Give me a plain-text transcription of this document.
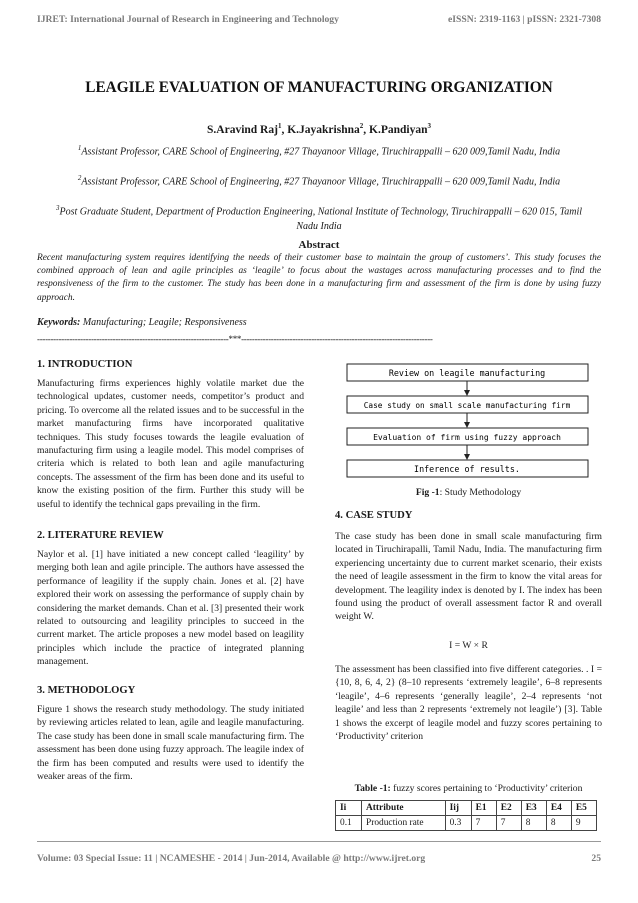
IJRET: International Journal of Research in Engineering and Technology	eISSN: 2319-1163 | pISSN: 2321-7308
LEAGILE EVALUATION OF MANUFACTURING ORGANIZATION
S.Aravind Raj$^1$, K.Jayakrishna$^2$, K.Pandiyan$^3$
$^1$Assistant Professor, CARE School of Engineering, #27 Thayanoor Village, Tiruchirappalli – 620 009,Tamil Nadu, India
$^2$Assistant Professor, CARE School of Engineering, #27 Thayanoor Village, Tiruchirappalli – 620 009,Tamil Nadu, India
$^3$Post Graduate Student, Department of Production Engineering, National Institute of Technology, Tiruchirappalli – 620 015, Tamil Nadu India
Abstract
Recent manufacturing system requires identifying the needs of their customer base to maintain the group of customers’. This study focuses the combined approach of lean and agile principles as ‘leagile’ to focus about the wastages across manufacturing processes and to find the responsiveness of the firm to the customer. The study has been done in a manufacturing firm and assessment of the firm is done by using fuzzy approach.
Keywords: Manufacturing; Leagile; Responsiveness
-----------------------------------------------------------------------***-----------------------------------------------------------------------
1. INTRODUCTION

Manufacturing firms experiences highly volatile market due the technological updates, customer needs, competitor’s product and pricing. To overcome all the related issues and to be successful in the market manufacturing firms have incorporated qualitative techniques. This study focuses towards the leagile evaluation of manufacturing firm using a leagile model. This model comprises of criteria which is related to both lean and agile manufacturing concepts. The assessment of the firm has been done and its useful to know the existing position of the firm. Further this study will be useful to identify the technical gaps prevailing in the firm.

2. LITERATURE REVIEW

Naylor et al. [1] have initiated a new concept called ‘leagility’ by merging both lean and agile principle. The authors have assessed the performance of leagility if the supply chain. Jones et al. [2] have explored their work on assessing the performance of supply chain by considering the market demands. Chan et al. [3] presented their work related to outsourcing and leagility principles to succeed in the current market. The article proposes a new model based on leagility principles which include the practice of integrated planning management.

3. METHODOLOGY

Figure 1 shows the research study methodology. The study initiated by reviewing articles related to lean, agile and leagile manufacturing. The case study has been done in small scale manufacturing firm. The assessment has been done using fuzzy approach. The leagile index of the firm has been computed and results were used to identify the weaker areas of the firm.

Review on leagile manufacturing
Case study on small scale manufacturing firm
Evaluation of firm using fuzzy approach
Inference of results.
Fig -1: Study Methodology
4. CASE STUDY

The case study has been done in small scale manufacturing firm located in Tiruchirapalli, Tamil Nadu, India. The manufacturing firm experiencing uncertainty due to current market scenario, their exists the need of leagile assessment in the firm to know the vital areas for development. The leagility index is denoted by I. The index has been found using the product of overall assessment factor R and overall weight W.

I = W × R

The assessment has been classified into five different categories. . I = {10, 8, 6, 4, 2} (8–10 represents ‘extremely leagile’, 6–8 represents ‘leagile’, 4–6 represents ‘generally leagile’, 2–4 represents ‘not leagile’ and less than 2 represents ‘extremely not leagile’) [3]. Table 1 shows the excerpt of leagile model and fuzzy scores pertaining to ‘Productivity’ criterion

Table -1: fuzzy scores pertaining to ‘Productivity’ criterion
Ii	Attribute	Iij	E1	E2	E3	E4	E5
0.1	Production rate	0.3	7	7	8	8	9
Volume: 03 Special Issue: 11 | NCAMESHE - 2014 | Jun-2014, Available @ http://www.ijret.org	25
